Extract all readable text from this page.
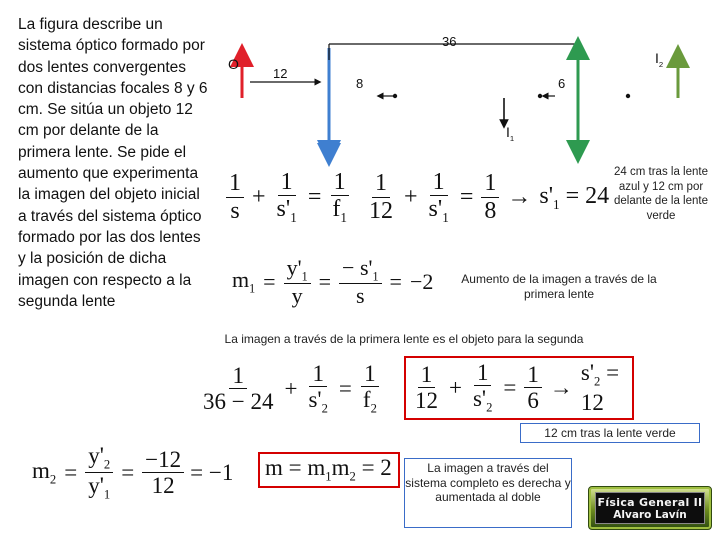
La figura describe un sistema óptico formado por dos lentes convergentes con distancias focales 8 y 6 cm. Se sitúa un objeto 12 cm por delante de la primera lente. Se pide el aumento que experimenta la imagen del objeto inicial a través del sistema óptico formado por las dos lentes y la posición de dicha imagen con respecto a la segunda lente
O
36
12
8	6
$I_1$
$I_2$
$\frac{1}{s} + \frac{1}{s'_1} = \frac{1}{f_1} \frac{1}{12} + \frac{1}{s'_1} = \frac{1}{8} \to s'_1 = 24$
24 cm tras la lente azul y 12 cm por delante de la lente verde
$m_1 = \frac{y'_1}{y} = \frac{- s'_1}{s} = -2$	Aumento de la imagen a través de la primera lente
La imagen a través de la primera lente es el objeto para la segunda
$\frac{1}{36 - 24} + \frac{1}{s'_2} = \frac{1}{f_2} \frac{1}{12} + \frac{1}{s'_2} = \frac{1}{6}$ →
$s'_2 = 12$
12 cm tras la lente verde
$m_2 = \frac{y'_2}{y'_1} = \frac{-12}{12} = -1$ $m = m_1m_2 = 2$	La imagen a través del sistema completo es derecha y aumentada al doble	Física General II
Alvaro Lavín
